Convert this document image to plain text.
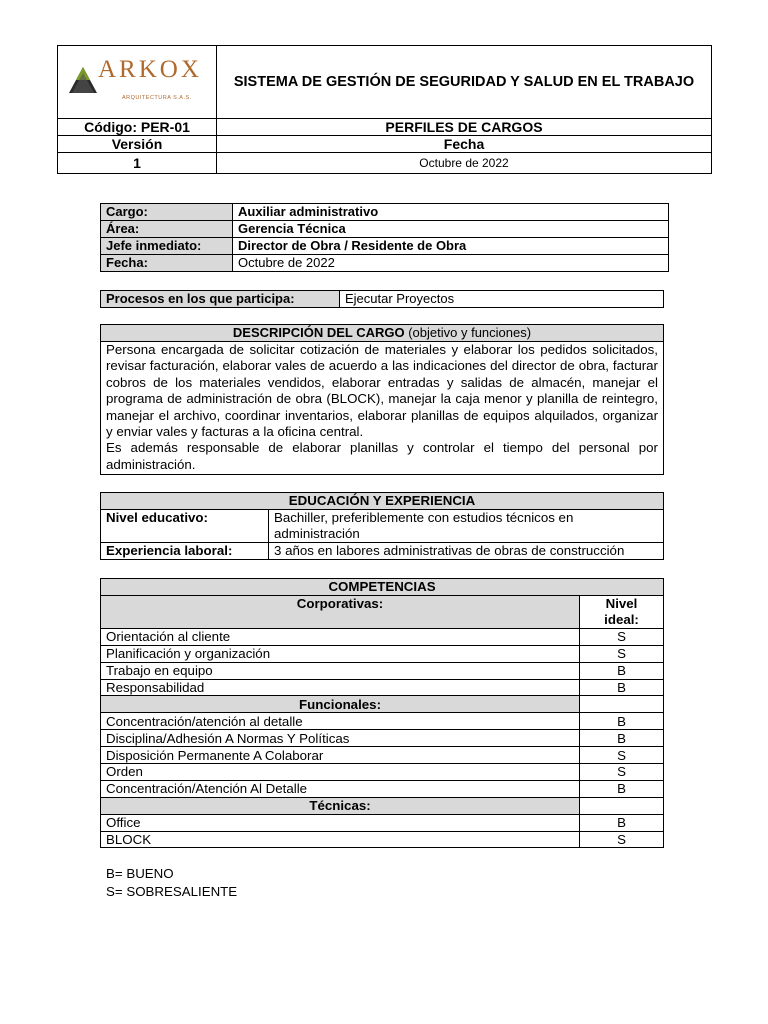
ARKOX
ARQUITECTURA S.A.S.	SISTEMA DE GESTIÓN DE SEGURIDAD Y SALUD EN EL TRABAJO
Código: PER-01	PERFILES DE CARGOS
Versión	Fecha
1	Octubre de 2022
Cargo:	Auxiliar administrativo
Área:	Gerencia Técnica
Jefe inmediato:	Director de Obra / Residente de Obra
Fecha:	Octubre de 2022
Procesos en los que participa:	Ejecutar Proyectos
DESCRIPCIÓN DEL CARGO (objetivo y funciones)

Persona encargada de solicitar cotización de materiales y elaborar los pedidos solicitados, revisar facturación, elaborar vales de acuerdo a las indicaciones del director de obra, facturar cobros de los materiales vendidos, elaborar entradas y salidas de almacén, manejar el programa de administración de obra (BLOCK), manejar la caja menor y planilla de reintegro, manejar el archivo, coordinar inventarios, elaborar planillas de equipos alquilados, organizar y enviar vales y facturas a la oficina central.
Es además responsable de elaborar planillas y controlar el tiempo del personal por administración.
EDUCACIÓN Y EXPERIENCIA	
Nivel educativo:	Bachiller, preferiblemente con estudios técnicos en administración
Experiencia laboral:	3 años en labores administrativas de obras de construcción
COMPETENCIAS	
Corporativas:	Nivel ideal:
Orientación al cliente	S
Planificación y organización	S
Trabajo en equipo	B
Responsabilidad	B
Funcionales:	
Concentración/atención al detalle	B
Disciplina/Adhesión A Normas Y Políticas	B
Disposición Permanente A Colaborar	S
Orden	S
Concentración/Atención Al Detalle	B
Técnicas:	
Office	B
BLOCK	S
B= BUENO
S= SOBRESALIENTE
